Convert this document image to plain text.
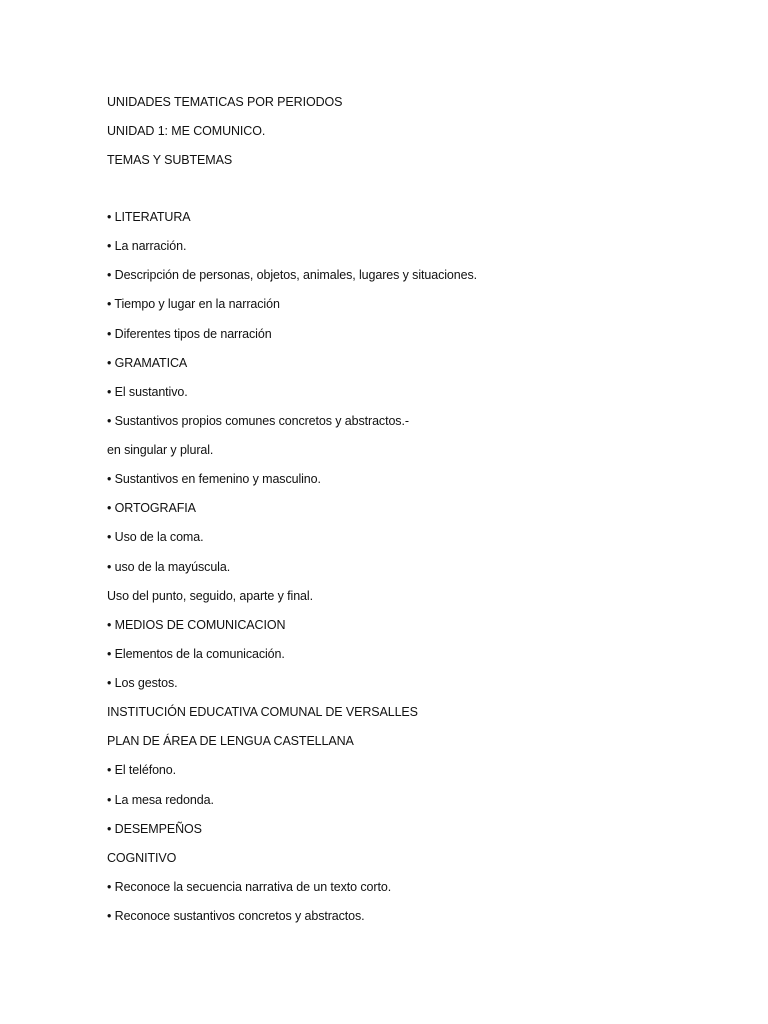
UNIDADES TEMATICAS POR PERIODOS
UNIDAD 1: ME COMUNICO.
TEMAS Y SUBTEMAS
• LITERATURA
• La narración.
• Descripción de personas, objetos, animales, lugares y situaciones.
• Tiempo y lugar en la narración
• Diferentes tipos de narración
• GRAMATICA
• El sustantivo.
• Sustantivos propios comunes concretos y abstractos.-
en singular y plural.
• Sustantivos en femenino y masculino.
• ORTOGRAFIA
• Uso de la coma.
• uso de la mayúscula.
Uso del punto, seguido, aparte y final.
• MEDIOS DE COMUNICACION
• Elementos de la comunicación.
• Los gestos.
INSTITUCIÓN EDUCATIVA COMUNAL DE VERSALLES
PLAN DE ÁREA DE LENGUA CASTELLANA
• El teléfono.
• La mesa redonda.
• DESEMPEÑOS
COGNITIVO
• Reconoce la secuencia narrativa de un texto corto.
• Reconoce sustantivos concretos y abstractos.
